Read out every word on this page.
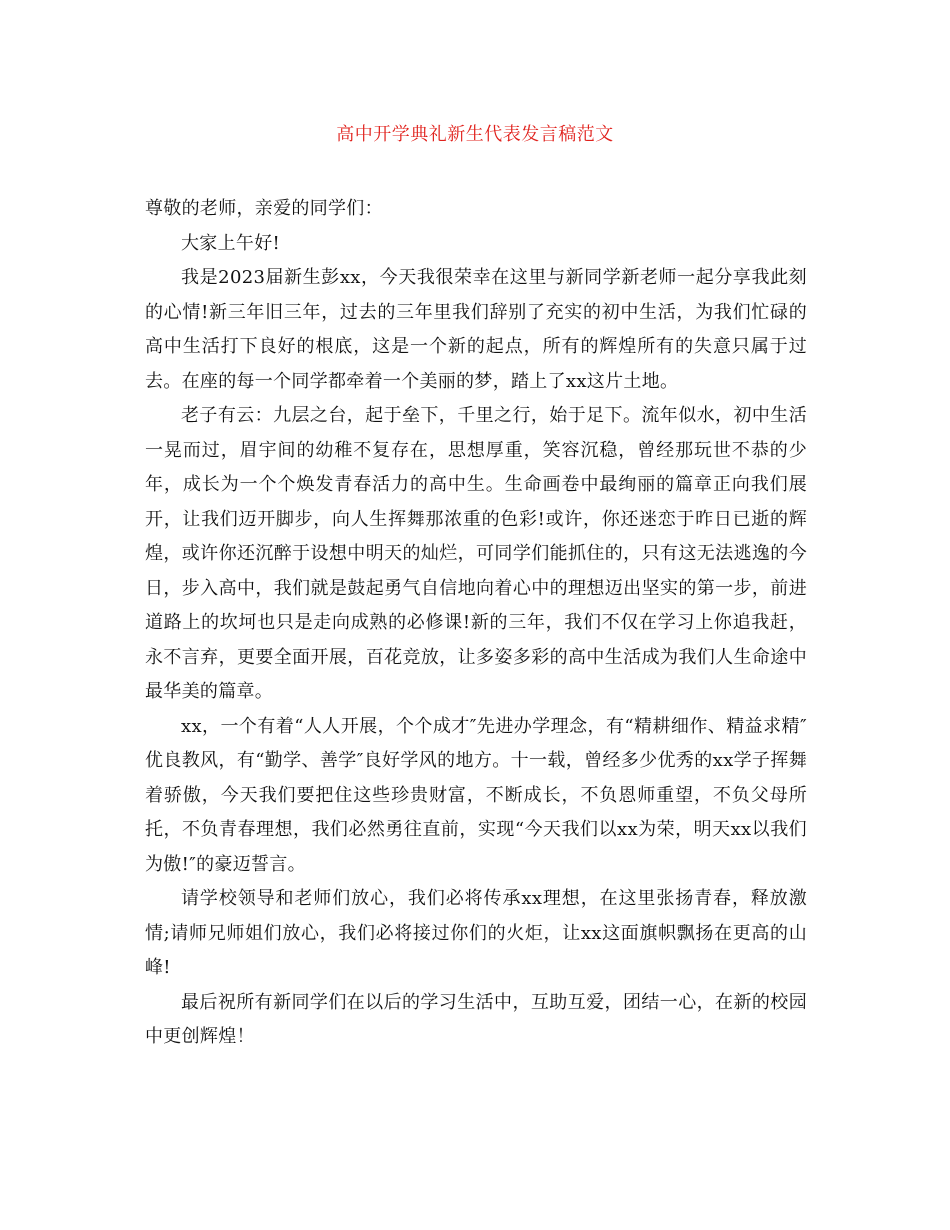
高中开学典礼新生代表发言稿范文

尊敬的老师，亲爱的同学们：

大家上午好!

我是2023届新生彭xx，今天我很荣幸在这里与新同学新老师一起分享我此刻的心情!新三年旧三年，过去的三年里我们辞别了充实的初中生活，为我们忙碌的高中生活打下良好的根底，这是一个新的起点，所有的辉煌所有的失意只属于过去。在座的每一个同学都牵着一个美丽的梦，踏上了xx这片土地。

老子有云：九层之台，起于垒下，千里之行，始于足下。流年似水，初中生活一晃而过，眉宇间的幼稚不复存在，思想厚重，笑容沉稳，曾经那玩世不恭的少年，成长为一个个焕发青春活力的高中生。生命画卷中最绚丽的篇章正向我们展开，让我们迈开脚步，向人生挥舞那浓重的色彩!或许，你还迷恋于昨日已逝的辉煌，或许你还沉醉于设想中明天的灿烂，可同学们能抓住的，只有这无法逃逸的今日，步入高中，我们就是鼓起勇气自信地向着心中的理想迈出坚实的第一步，前进道路上的坎坷也只是走向成熟的必修课!新的三年，我们不仅在学习上你追我赶，永不言弃，更要全面开展，百花竞放，让多姿多彩的高中生活成为我们人生命途中最华美的篇章。

xx，一个有着“人人开展，个个成才″先进办学理念，有“精耕细作、精益求精″优良教风，有“勤学、善学″良好学风的地方。十一载，曾经多少优秀的xx学子挥舞着骄傲，今天我们要把住这些珍贵财富，不断成长，不负恩师重望，不负父母所托，不负青春理想，我们必然勇往直前，实现“今天我们以xx为荣，明天xx以我们为傲!″的豪迈誓言。

请学校领导和老师们放心，我们必将传承xx理想，在这里张扬青春，释放激情;请师兄师姐们放心，我们必将接过你们的火炬，让xx这面旗帜飘扬在更高的山峰!

最后祝所有新同学们在以后的学习生活中，互助互爱，团结一心，在新的校园中更创辉煌！
